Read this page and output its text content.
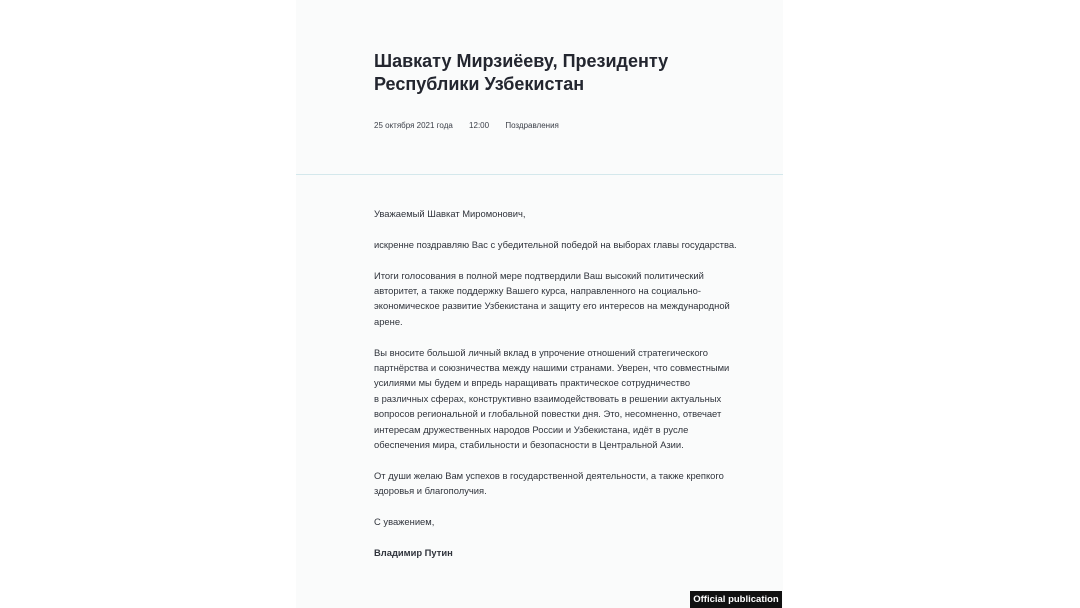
Шавкату Мирзиёеву, Президенту Республики Узбекистан
25 октября 2021 года 12:00 Поздравления

Уважаемый Шавкат Миромонович,

искренне поздравляю Вас с убедительной победой на выборах главы государства.

Итоги голосования в полной мере подтвердили Ваш высокий политический

авторитет, а также поддержку Вашего курса, направленного на социально-

экономическое развитие Узбекистана и защиту его интересов на международной

арене.

Вы вносите большой личный вклад в упрочение отношений стратегического

партнёрства и союзничества между нашими странами. Уверен, что совместными

усилиями мы будем и впредь наращивать практическое сотрудничество

в различных сферах, конструктивно взаимодействовать в решении актуальных

вопросов региональной и глобальной повестки дня. Это, несомненно, отвечает

интересам дружественных народов России и Узбекистана, идёт в русле

обеспечения мира, стабильности и безопасности в Центральной Азии.

От души желаю Вам успехов в государственной деятельности, а также крепкого

здоровья и благополучия.

С уважением,

Владимир Путин

Official publication
